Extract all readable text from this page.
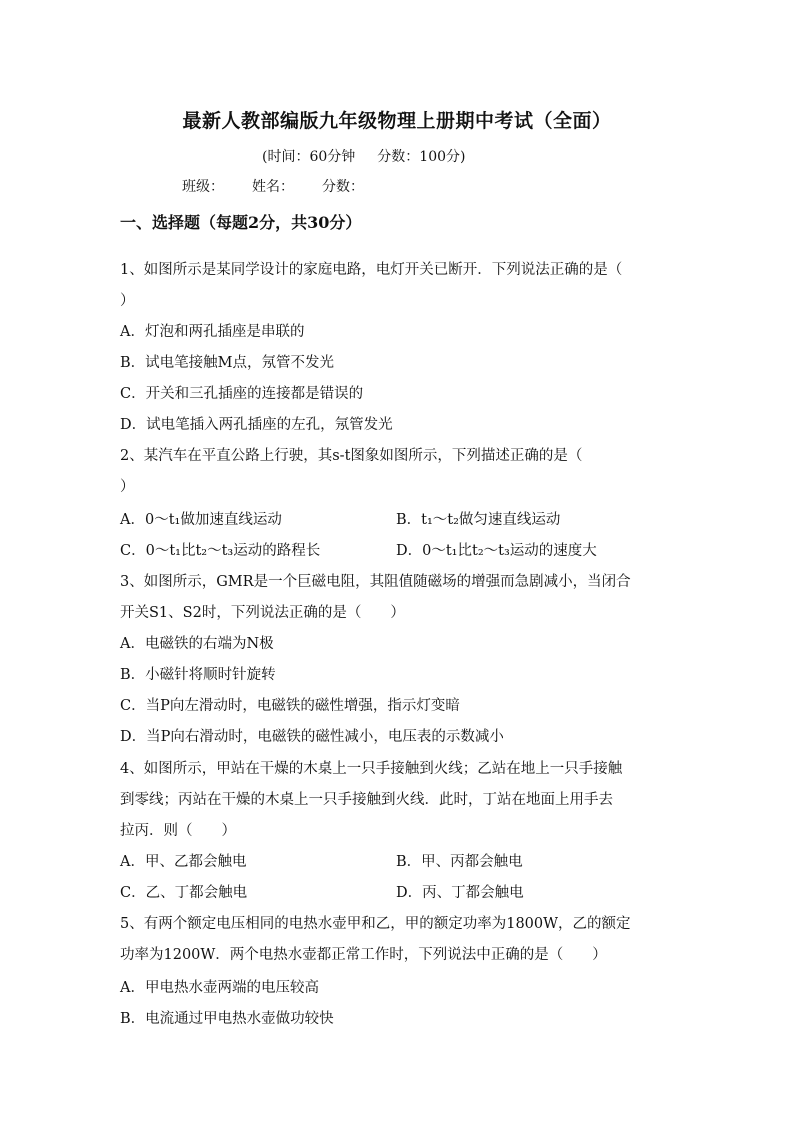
最新人教部编版九年级物理上册期中考试（全面）
(时间：60分钟 分数：100分)
班级： 姓名： 分数：
一、选择题（每题2分，共30分）
1、如图所示是某同学设计的家庭电路，电灯开关已断开．下列说法正确的是（
）
A．灯泡和两孔插座是串联的
B．试电笔接触M点，氖管不发光
C．开关和三孔插座的连接都是错误的
D．试电笔插入两孔插座的左孔，氖管发光
2、某汽车在平直公路上行驶，其s-t图象如图所示，下列描述正确的是（
）
A．0～t₁做加速直线运动	B．t₁～t₂做匀速直线运动
C．0～t₁比t₂～t₃运动的路程长	D．0～t₁比t₂～t₃运动的速度大
3、如图所示，GMR是一个巨磁电阻，其阻值随磁场的增强而急剧减小，当闭合
开关S1、S2时，下列说法正确的是（　　）
A．电磁铁的右端为N极
B．小磁针将顺时针旋转
C．当P向左滑动时，电磁铁的磁性增强，指示灯变暗
D．当P向右滑动时，电磁铁的磁性减小，电压表的示数减小
4、如图所示，甲站在干燥的木桌上一只手接触到火线；乙站在地上一只手接触
到零线；丙站在干燥的木桌上一只手接触到火线．此时，丁站在地面上用手去
拉丙．则（　　）
A．甲、乙都会触电	B．甲、丙都会触电
C．乙、丁都会触电	D．丙、丁都会触电
5、有两个额定电压相同的电热水壶甲和乙，甲的额定功率为1800W，乙的额定
功率为1200W．两个电热水壶都正常工作时，下列说法中正确的是（　　）
A．甲电热水壶两端的电压较高
B．电流通过甲电热水壶做功较快
